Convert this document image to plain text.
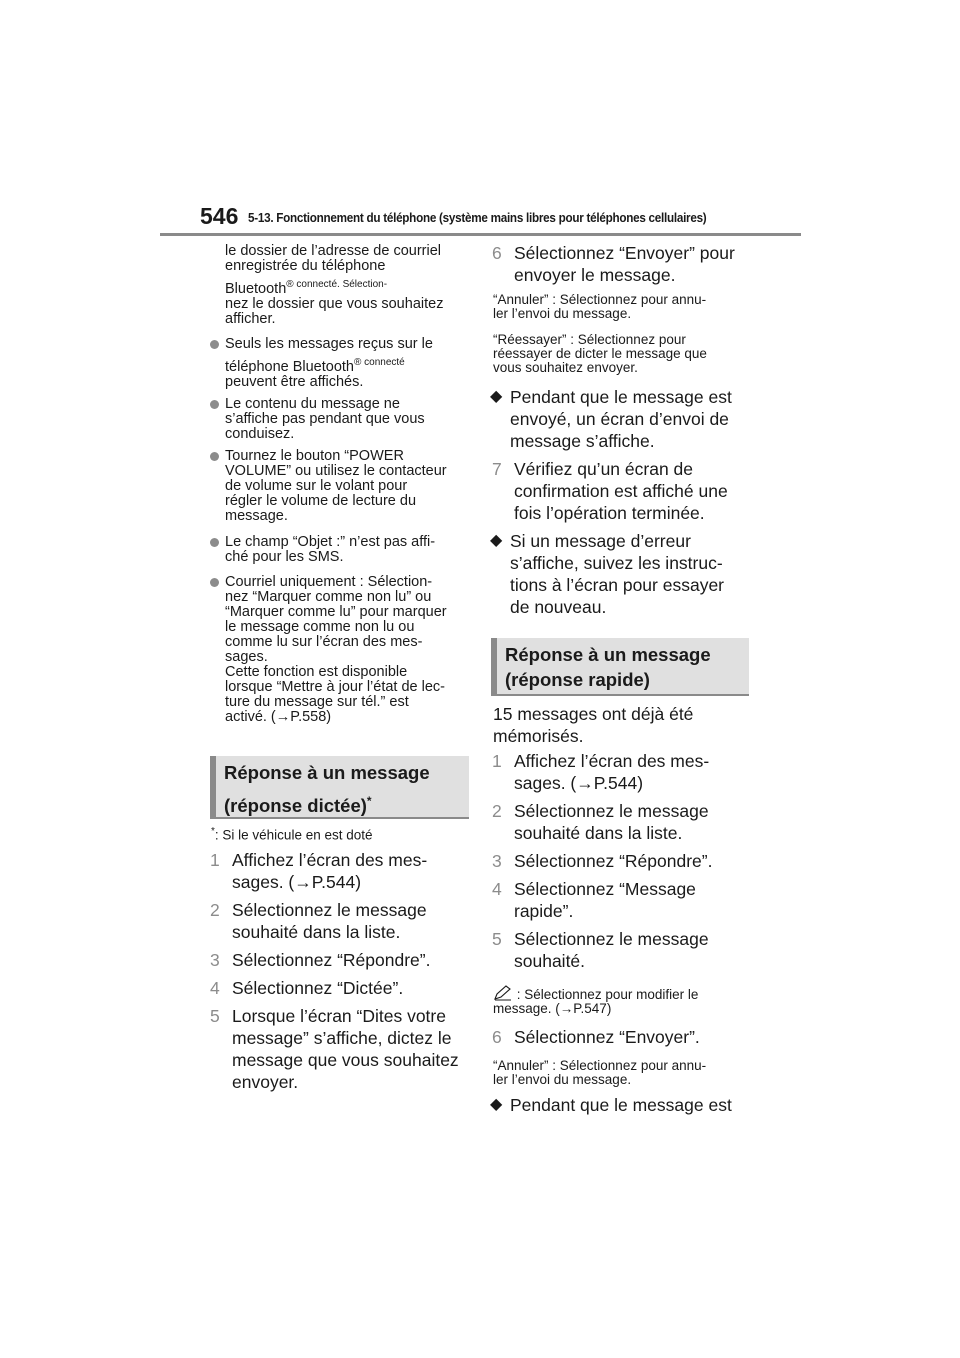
546 5-13. Fonctionnement du téléphone (système mains libres pour téléphones cellulaires)
le dossier de l’adresse de courriel
enregistrée du téléphone
Bluetooth$^{® connecté. Sélection-}$
nez le dossier que vous souhaitez
afficher.
Seuls les messages reçus sur le
téléphone Bluetooth$^{® connecté}$
peuvent être affichés.
Le contenu du message ne
s’affiche pas pendant que vous
conduisez.
Tournez le bouton “POWER
VOLUME” ou utilisez le contacteur
de volume sur le volant pour
régler le volume de lecture du
message.
Le champ “Objet :” n’est pas affi-
ché pour les SMS.
Courriel uniquement : Sélection-
nez “Marquer comme non lu” ou
“Marquer comme lu” pour marquer
le message comme non lu ou
comme lu sur l’écran des mes-
sages.
Cette fonction est disponible
lorsque “Mettre à jour l’état de lec-
ture du message sur tél.” est
activé. (→P.558)
Réponse à un message
(réponse dictée)*
*: Si le véhicule en est doté
1 Affichez l’écran des mes-
sages. (→P.544)
2 Sélectionnez le message
souhaité dans la liste.
3 Sélectionnez “Répondre”.
4 Sélectionnez “Dictée”.
5 Lorsque l’écran “Dites votre
message” s’affiche, dictez le
message que vous souhaitez
envoyer.
6 Sélectionnez “Envoyer” pour
envoyer le message.
“Annuler” : Sélectionnez pour annu-
ler l’envoi du message.
“Réessayer” : Sélectionnez pour
réessayer de dicter le message que
vous souhaitez envoyer.
◆ Pendant que le message est
envoyé, un écran d’envoi de
message s’affiche.
7 Vérifiez qu’un écran de
confirmation est affiché une
fois l’opération terminée.
◆ Si un message d’erreur
s’affiche, suivez les instruc-
tions à l’écran pour essayer
de nouveau.
Réponse à un message
(réponse rapide)
15 messages ont déjà été
mémorisés.
1 Affichez l’écran des mes-
sages. (→P.544)
2 Sélectionnez le message
souhaité dans la liste.
3 Sélectionnez “Répondre”.
4 Sélectionnez “Message
rapide”.
5 Sélectionnez le message
souhaité.
: Sélectionnez pour modifier le
message. (→P.547)
6 Sélectionnez “Envoyer”.
“Annuler” : Sélectionnez pour annu-
ler l’envoi du message.
◆ Pendant que le message est
